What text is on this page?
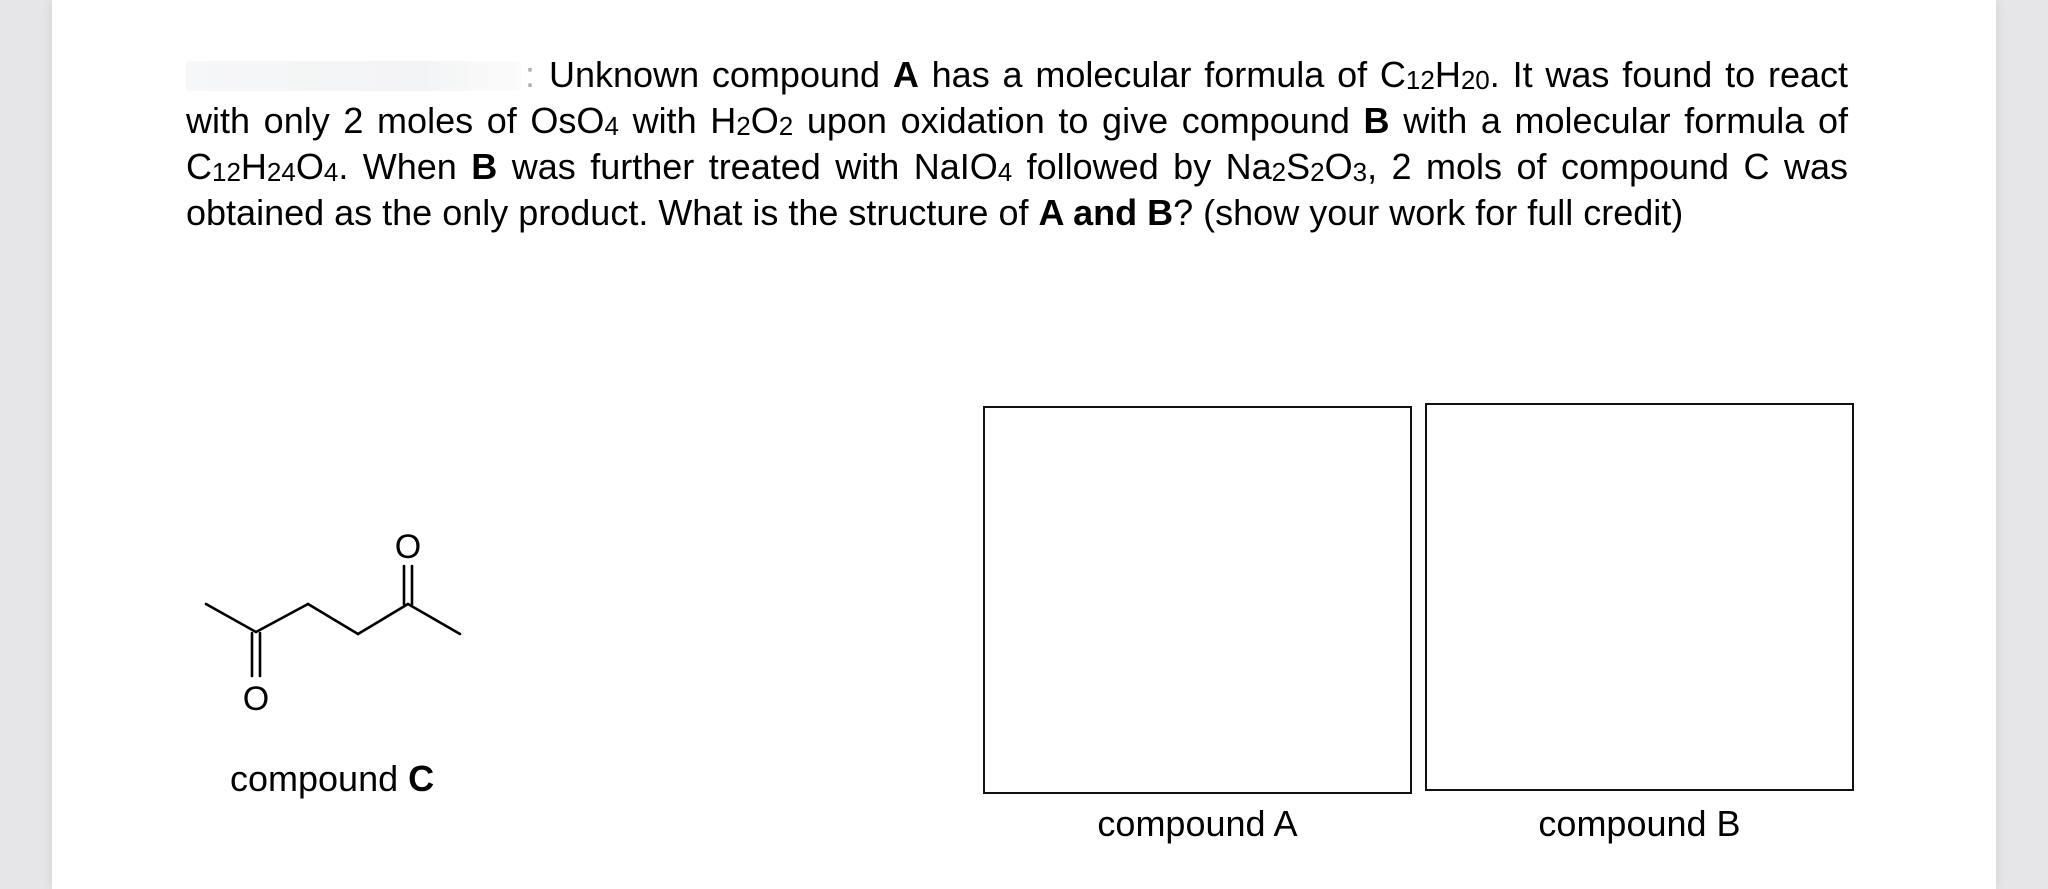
: Unknown compound A has a molecular formula of $C_{12}H_{20}$. It was found to react with only 2 moles of OsO$_4$ with $H_2O_2$ upon oxidation to give compound B with a molecular formula of $C_{12}H_{24}O_4$. When B was further treated with NaIO$_4$ followed by $Na_2S_2O_3$, 2 mols of compound C was obtained as the only product. What is the structure of A and B? (show your work for full credit)
O
O
compound C
compound A	compound B
